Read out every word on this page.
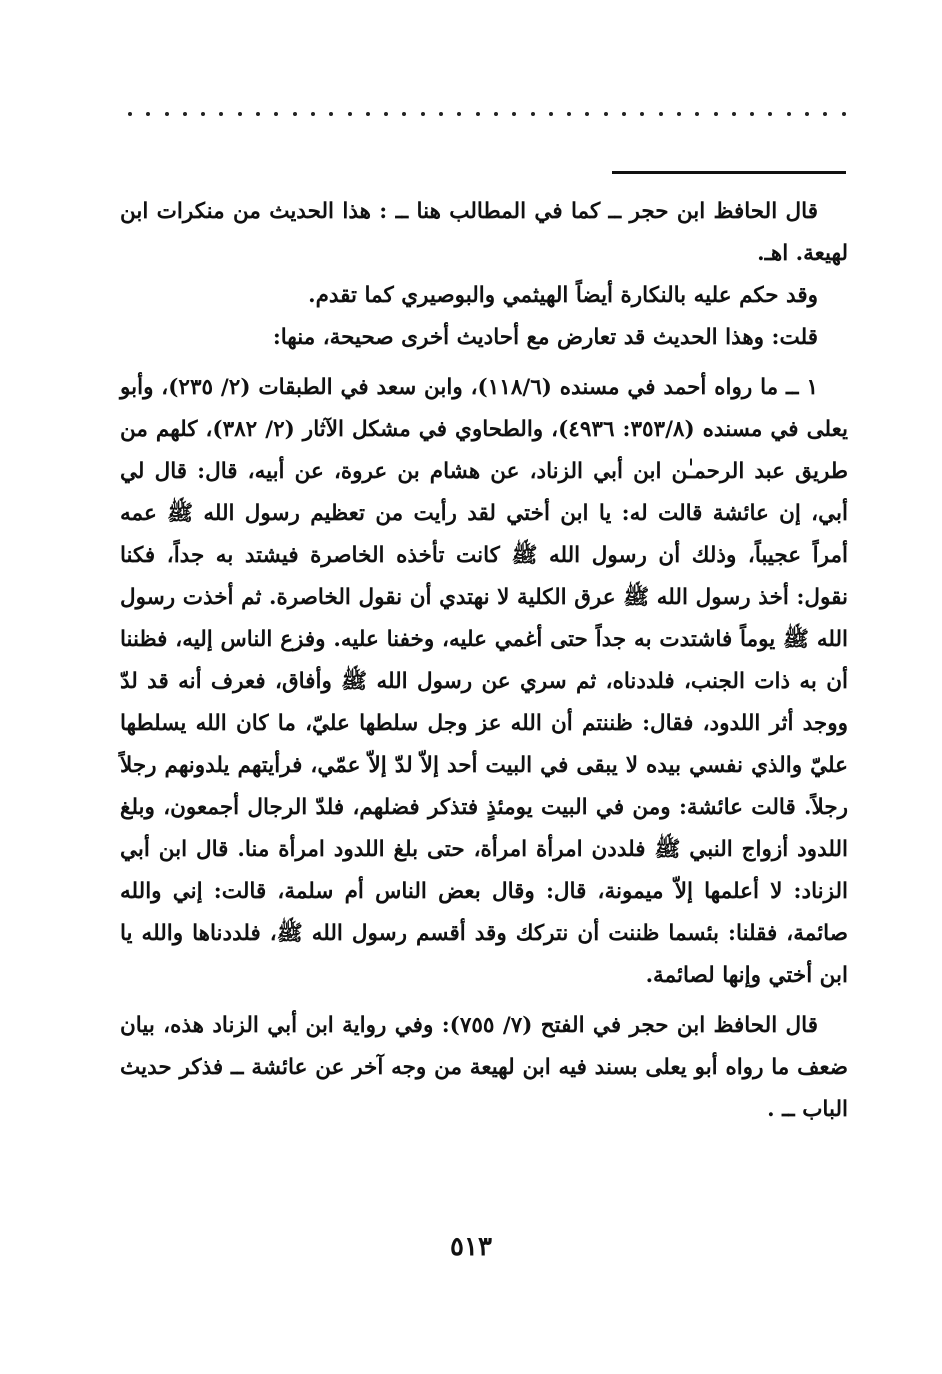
قال الحافظ ابن حجر ــ كما في المطالب هنا ــ : هذا الحديث من منكرات ابن لهيعة. اهـ.

وقد حكم عليه بالنكارة أيضاً الهيثمي والبوصيري كما تقدم.

قلت: وهذا الحديث قد تعارض مع أحاديث أخرى صحيحة، منها:

١ ــ ما رواه أحمد في مسنده (١١٨/٦)، وابن سعد في الطبقات (٢/ ٢٣٥)، وأبو يعلى في مسنده (٣٥٣/٨: ٤٩٣٦)، والطحاوي في مشكل الآثار (٢/ ٣٨٢)، كلهم من طريق عبد الرحمـٰن ابن أبي الزناد، عن هشام بن عروة، عن أبيه، قال: قال لي أبي، إن عائشة قالت له: يا ابن أختي لقد رأيت من تعظيم رسول الله ﷺ عمه أمراً عجيباً، وذلك أن رسول الله ﷺ كانت تأخذه الخاصرة فيشتد به جداً، فكنا نقول: أخذ رسول الله ﷺ عرق الكلية لا نهتدي أن نقول الخاصرة. ثم أخذت رسول الله ﷺ يوماً فاشتدت به جداً حتى أغمي عليه، وخفنا عليه. وفزع الناس إليه، فظننا أن به ذات الجنب، فلددناه، ثم سري عن رسول الله ﷺ وأفاق، فعرف أنه قد لدّ ووجد أثر اللدود، فقال: ظننتم أن الله عز وجل سلطها عليّ، ما كان الله يسلطها عليّ والذي نفسي بيده لا يبقى في البيت أحد إلاّ لدّ إلاّ عمّي، فرأيتهم يلدونهم رجلاً رجلاً. قالت عائشة: ومن في البيت يومئذٍ فتذكر فضلهم، فلدّ الرجال أجمعون، وبلغ اللدود أزواج النبي ﷺ فلددن امرأة امرأة، حتى بلغ اللدود امرأة منا. قال ابن أبي الزناد: لا أعلمها إلاّ ميمونة، قال: وقال بعض الناس أم سلمة، قالت: إني والله صائمة، فقلنا: بئسما ظننت أن نتركك وقد أقسم رسول الله ﷺ، فلددناها والله يا ابن أختي وإنها لصائمة.

قال الحافظ ابن حجر في الفتح (٧/ ٧٥٥): وفي رواية ابن أبي الزناد هذه، بيان ضعف ما رواه أبو يعلى بسند فيه ابن لهيعة من وجه آخر عن عائشة ــ فذكر حديث الباب ــ .

٥١٣
